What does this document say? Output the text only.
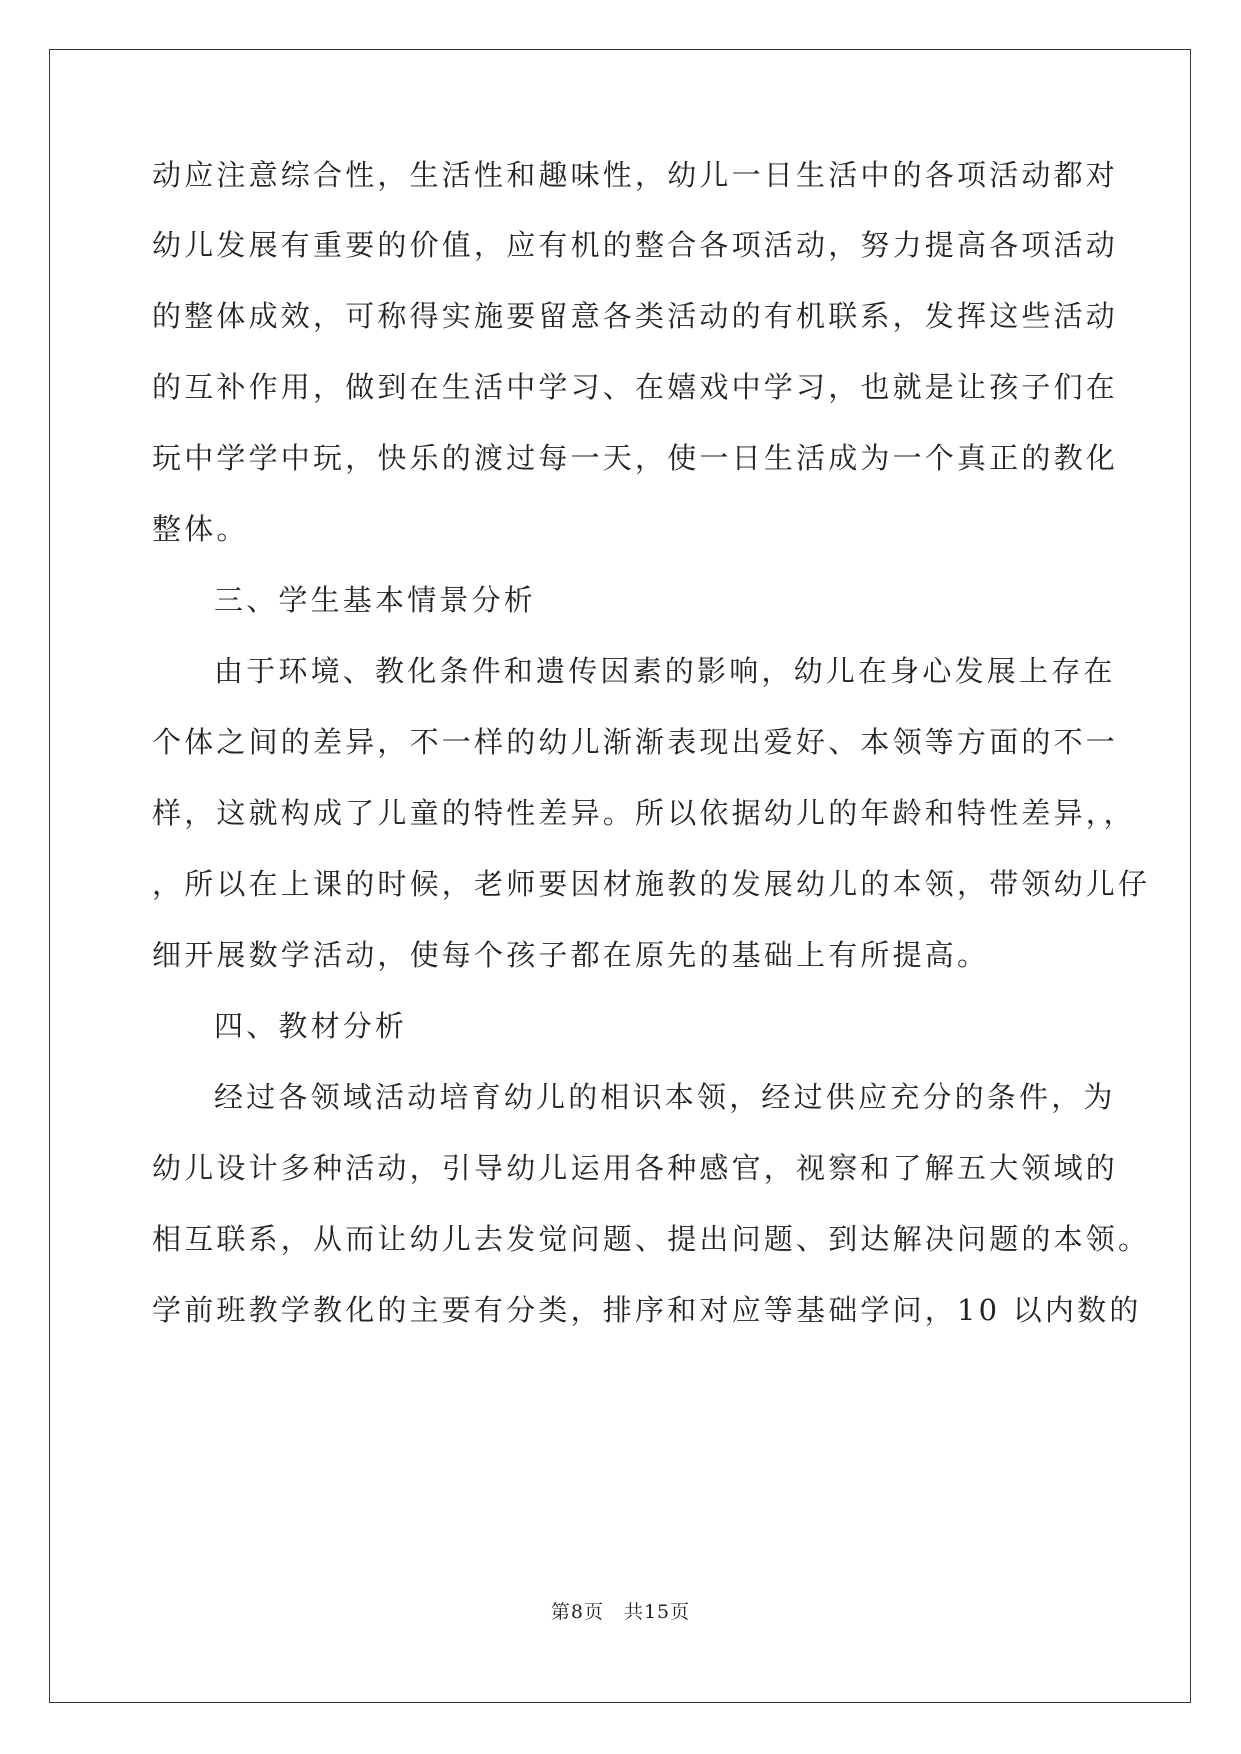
动应注意综合性，生活性和趣味性，幼儿一日生活中的各项活动都对
幼儿发展有重要的价值，应有机的整合各项活动，努力提高各项活动
的整体成效，可称得实施要留意各类活动的有机联系，发挥这些活动
的互补作用，做到在生活中学习、在嬉戏中学习，也就是让孩子们在
玩中学学中玩，快乐的渡过每一天，使一日生活成为一个真正的教化
整体。
三、学生基本情景分析
由于环境、教化条件和遗传因素的影响，幼儿在身心发展上存在
个体之间的差异，不一样的幼儿渐渐表现出爱好、本领等方面的不一
样，这就构成了儿童的特性差异。所以依据幼儿的年龄和特性差异，，
，所以在上课的时候，老师要因材施教的发展幼儿的本领，带领幼儿仔
细开展数学活动，使每个孩子都在原先的基础上有所提高。
四、教材分析
经过各领域活动培育幼儿的相识本领，经过供应充分的条件，为
幼儿设计多种活动，引导幼儿运用各种感官，视察和了解五大领域的
相互联系，从而让幼儿去发觉问题、提出问题、到达解决问题的本领。
学前班教学教化的主要有分类，排序和对应等基础学问，10 以内数的
第8页　共15页
